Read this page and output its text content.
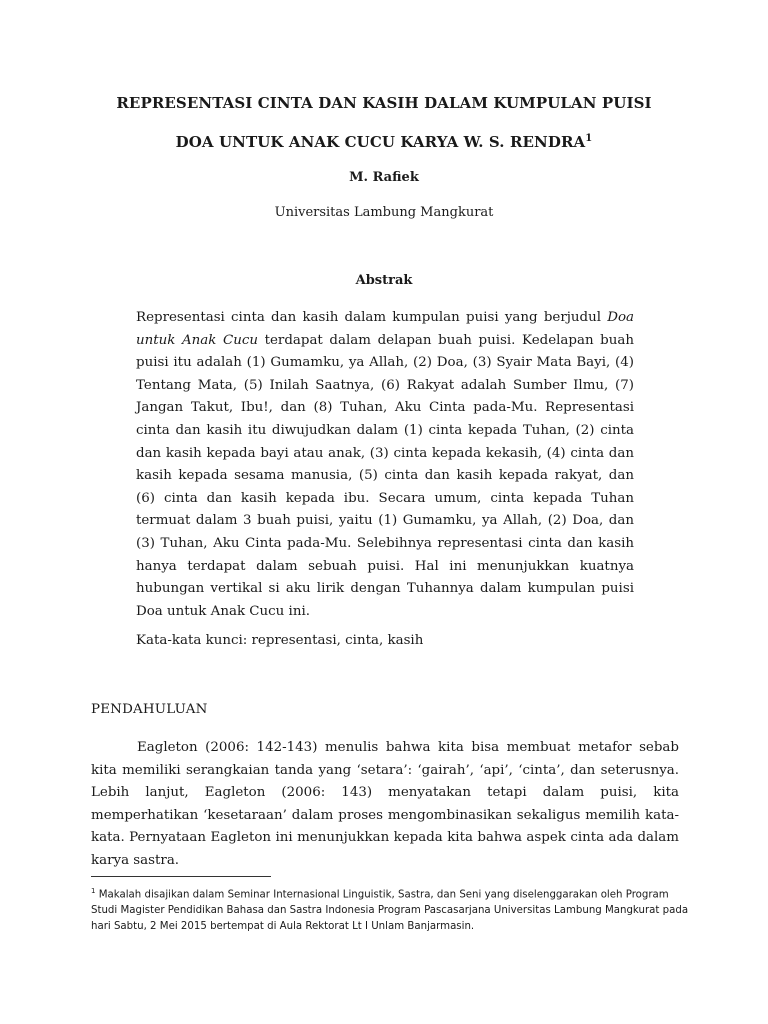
REPRESENTASI CINTA DAN KASIH DALAM KUMPULAN PUISI
DOA UNTUK ANAK CUCU KARYA W. S. RENDRA$^1$
M. Rafiek
Universitas Lambung Mangkurat
Abstrak

Representasi cinta dan kasih dalam kumpulan puisi yang berjudul Doa untuk Anak Cucu terdapat dalam delapan buah puisi. Kedelapan buah puisi itu adalah (1) Gumamku, ya Allah, (2) Doa, (3) Syair Mata Bayi, (4) Tentang Mata, (5) Inilah Saatnya, (6) Rakyat adalah Sumber Ilmu, (7) Jangan Takut, Ibu!, dan (8) Tuhan, Aku Cinta pada-Mu. Representasi cinta dan kasih itu diwujudkan dalam (1) cinta kepada Tuhan, (2) cinta dan kasih kepada bayi atau anak, (3) cinta kepada kekasih, (4) cinta dan kasih kepada sesama manusia, (5) cinta dan kasih kepada rakyat, dan (6) cinta dan kasih kepada ibu. Secara umum, cinta kepada Tuhan termuat dalam 3 buah puisi, yaitu (1) Gumamku, ya Allah, (2) Doa, dan (3) Tuhan, Aku Cinta pada-Mu. Selebihnya representasi cinta dan kasih hanya terdapat dalam sebuah puisi. Hal ini menunjukkan kuatnya hubungan vertikal si aku lirik dengan Tuhannya dalam kumpulan puisi Doa untuk Anak Cucu ini.

Kata-kata kunci: representasi, cinta, kasih
PENDAHULUAN

Eagleton (2006: 142-143) menulis bahwa kita bisa membuat metafor sebab kita memiliki serangkaian tanda yang ‘setara’: ‘gairah’, ‘api’, ‘cinta’, dan seterusnya. Lebih lanjut, Eagleton (2006: 143) menyatakan tetapi dalam puisi, kita memperhatikan ‘kesetaraan’ dalam proses mengombinasikan sekaligus memilih kata-kata. Pernyataan Eagleton ini menunjukkan kepada kita bahwa aspek cinta ada dalam karya sastra.

$^1$ Makalah disajikan dalam Seminar Internasional Linguistik, Sastra, dan Seni yang diselenggarakan oleh Program Studi Magister Pendidikan Bahasa dan Sastra Indonesia Program Pascasarjana Universitas Lambung Mangkurat pada hari Sabtu, 2 Mei 2015 bertempat di Aula Rektorat Lt I Unlam Banjarmasin.
